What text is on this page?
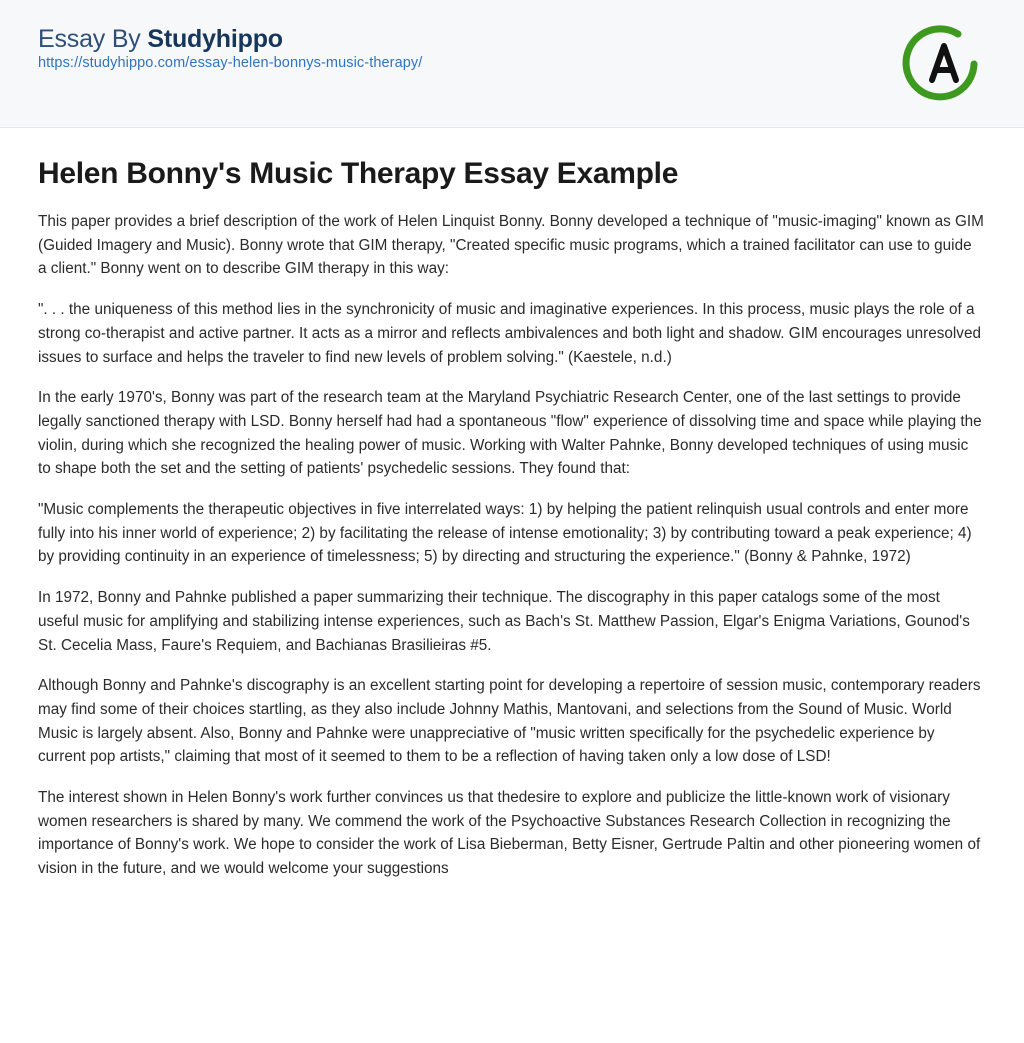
Essay By Studyhippo
https://studyhippo.com/essay-helen-bonnys-music-therapy/
Helen Bonny's Music Therapy Essay Example

This paper provides a brief description of the work of Helen Linquist Bonny. Bonny developed a technique of "music-imaging" known as GIM (Guided Imagery and Music). Bonny wrote that GIM therapy, "Created specific music programs, which a trained facilitator can use to guide a client." Bonny went on to describe GIM therapy in this way:

". . . the uniqueness of this method lies in the synchronicity of music and imaginative experiences. In this process, music plays the role of a strong co-therapist and active partner. It acts as a mirror and reflects ambivalences and both light and shadow. GIM encourages unresolved issues to surface and helps the traveler to find new levels of problem solving." (Kaestele, n.d.)

In the early 1970's, Bonny was part of the research team at the Maryland Psychiatric Research Center, one of the last settings to provide legally sanctioned therapy with LSD. Bonny herself had had a spontaneous "flow" experience of dissolving time and space while playing the violin, during which she recognized the healing power of music. Working with Walter Pahnke, Bonny developed techniques of using music to shape both the set and the setting of patients' psychedelic sessions. They found that:

"Music complements the therapeutic objectives in five interrelated ways: 1) by helping the patient relinquish usual controls and enter more fully into his inner world of experience; 2) by facilitating the release of intense emotionality; 3) by contributing toward a peak experience; 4) by providing continuity in an experience of timelessness; 5) by directing and structuring the experience." (Bonny & Pahnke, 1972)

In 1972, Bonny and Pahnke published a paper summarizing their technique. The discography in this paper catalogs some of the most useful music for amplifying and stabilizing intense experiences, such as Bach's St. Matthew Passion, Elgar's Enigma Variations, Gounod's St. Cecelia Mass, Faure's Requiem, and Bachianas Brasilieiras #5.

Although Bonny and Pahnke's discography is an excellent starting point for developing a repertoire of session music, contemporary readers may find some of their choices startling, as they also include Johnny Mathis, Mantovani, and selections from the Sound of Music. World Music is largely absent. Also, Bonny and Pahnke were unappreciative of "music written specifically for the psychedelic experience by current pop artists," claiming that most of it seemed to them to be a reflection of having taken only a low dose of LSD!

The interest shown in Helen Bonny's work further convinces us that thedesire to explore and publicize the little-known work of visionary women researchers is shared by many. We commend the work of the Psychoactive Substances Research Collection in recognizing the importance of Bonny's work. We hope to consider the work of Lisa Bieberman, Betty Eisner, Gertrude Paltin and other pioneering women of vision in the future, and we would welcome your suggestions
